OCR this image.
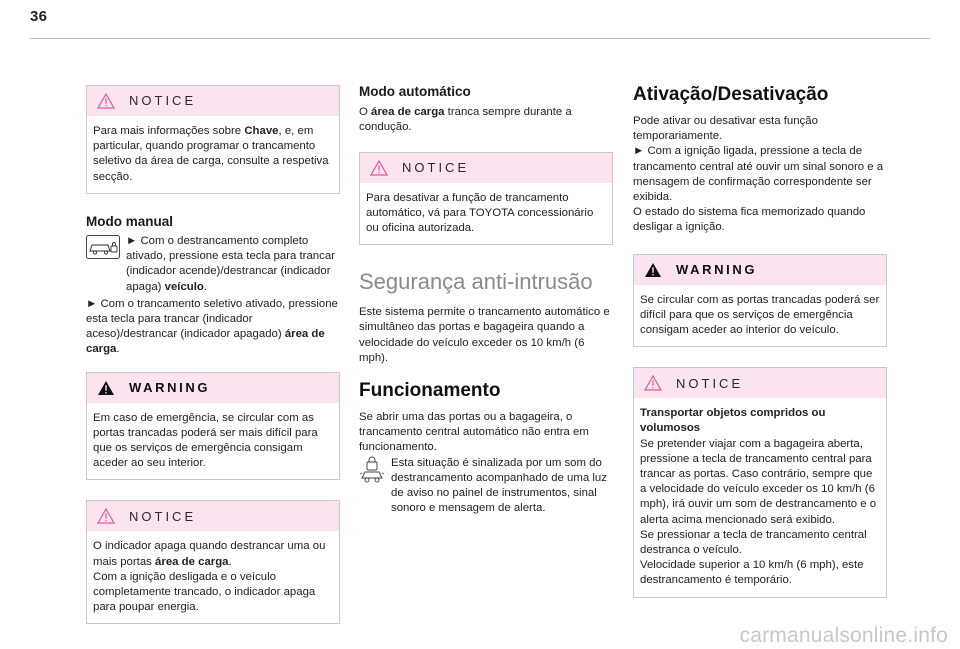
36
NOTICE

Para mais informações sobre Chave, e, em particular, quando programar o trancamento seletivo da área de carga, consulte a respetiva secção.

Modo manual

► Com o destrancamento completo ativado, pressione esta tecla para trancar (indicador acende)/destrancar (indicador apaga) veículo.

► Com o trancamento seletivo ativado, pressione esta tecla para trancar (indicador aceso)/destrancar (indicador apagado) área de carga.

WARNING

Em caso de emergência, se circular com as portas trancadas poderá ser mais difícil para que os serviços de emergência consigam aceder ao seu interior.

NOTICE

O indicador apaga quando destrancar uma ou mais portas área de carga.

Com a ignição desligada e o veículo completamente trancado, o indicador apaga para poupar energia.

Modo automático

O área de carga tranca sempre durante a condução.

NOTICE

Para desativar a função de trancamento automático, vá para TOYOTA concessionário ou oficina autorizada.

Segurança anti-intrusão

Este sistema permite o trancamento automático e simultâneo das portas e bagageira quando a velocidade do veículo exceder os 10 km/h (6 mph).

Funcionamento

Se abrir uma das portas ou a bagageira, o trancamento central automático não entra em funcionamento.

Esta situação é sinalizada por um som do destrancamento acompanhado de uma luz de aviso no painel de instrumentos, sinal sonoro e mensagem de alerta.

Ativação/Desativação

Pode ativar ou desativar esta função temporariamente.

► Com a ignição ligada, pressione a tecla de trancamento central até ouvir um sinal sonoro e a mensagem de confirmação correspondente ser exibida.

O estado do sistema fica memorizado quando desligar a ignição.

WARNING

Se circular com as portas trancadas poderá ser difícil para que os serviços de emergência consigam aceder ao interior do veículo.

NOTICE

Transportar objetos compridos ou volumosos

Se pretender viajar com a bagageira aberta, pressione a tecla de trancamento central para trancar as portas. Caso contrário, sempre que a velocidade do veículo exceder os 10 km/h (6 mph), irá ouvir um som de destrancamento e o alerta acima mencionado será exibido.

Se pressionar a tecla de trancamento central destranca o veículo.

Velocidade superior a 10 km/h (6 mph), este destrancamento é temporário.

carmanualsonline.info
